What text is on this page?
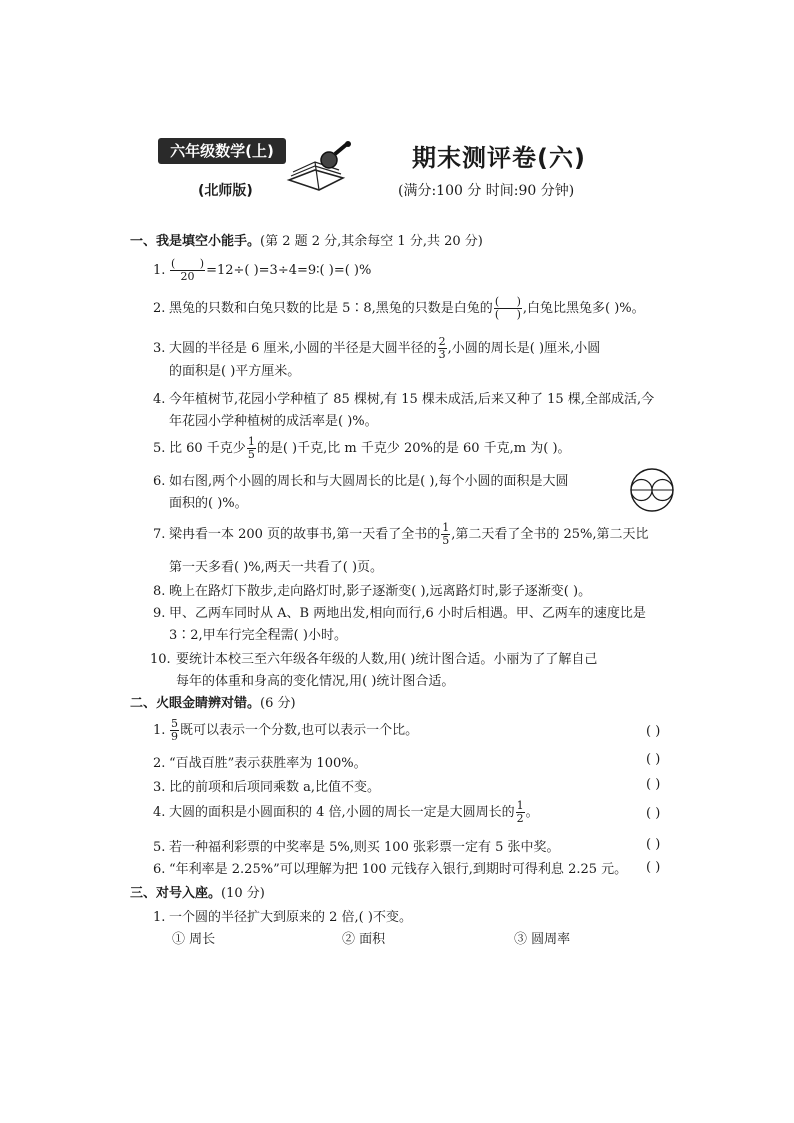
六年级数学(上)
(北师版)
期末测评卷(六)
(满分:100 分 时间:90 分钟)
一、我是填空小能手。(第 2 题 2 分,其余每空 1 分,共 20 分)
1. $\frac{( )}{20} =12\div$( )=3÷4=9∶( )=( )%
2. 黑兔的只数和白兔只数的比是 5∶8,黑兔的只数是白兔的 $\frac{( )}{( )}$ ,白兔比黑兔多( )%。
3. 大圆的半径是 6 厘米,小圆的半径是大圆半径的 $\frac{2}{3}$ ,小圆的周长是( )厘米,小圆
的面积是( )平方厘米。
4. 今年植树节,花园小学种植了 85 棵树,有 15 棵未成活,后来又种了 15 棵,全部成活,今
年花园小学种植树的成活率是( )%。
5. 比 60 千克少 $\frac{1}{5}$ 的是( )千克,比 m 千克少 20%的是 60 千克,m 为( )。
6. 如右图,两个小圆的周长和与大圆周长的比是( ),每个小圆的面积是大圆
面积的( )%。
7. 梁冉看一本 200 页的故事书,第一天看了全书的 $\frac{1}{5}$ ,第二天看了全书的 25%,第二天比
第一天多看( )%,两天一共看了( )页。
8. 晚上在路灯下散步,走向路灯时,影子逐渐变( ),远离路灯时,影子逐渐变( )。
9. 甲、乙两车同时从 A、B 两地出发,相向而行,6 小时后相遇。甲、乙两车的速度比是
3∶2,甲车行完全程需( )小时。
10. 要统计本校三至六年级各年级的人数,用( )统计图合适。小丽为了了解自己
每年的体重和身高的变化情况,用( )统计图合适。
二、火眼金睛辨对错。(6 分)
1. $\frac{5}{9}$ 既可以表示一个分数,也可以表示一个比。	( )
2. “百战百胜”表示获胜率为 100%。	( )
3. 比的前项和后项同乘数 a,比值不变。	( )
4. 大圆的面积是小圆面积的 4 倍,小圆的周长一定是大圆周长的 $\frac{1}{2}$ 。	( )
5. 若一种福利彩票的中奖率是 5%,则买 100 张彩票一定有 5 张中奖。	( )
6. “年利率是 2.25%”可以理解为把 100 元钱存入银行,到期时可得利息 2.25 元。 ( )
三、对号入座。(10 分)
1. 一个圆的半径扩大到原来的 2 倍,( )不变。
① 周长	② 面积	③ 圆周率
